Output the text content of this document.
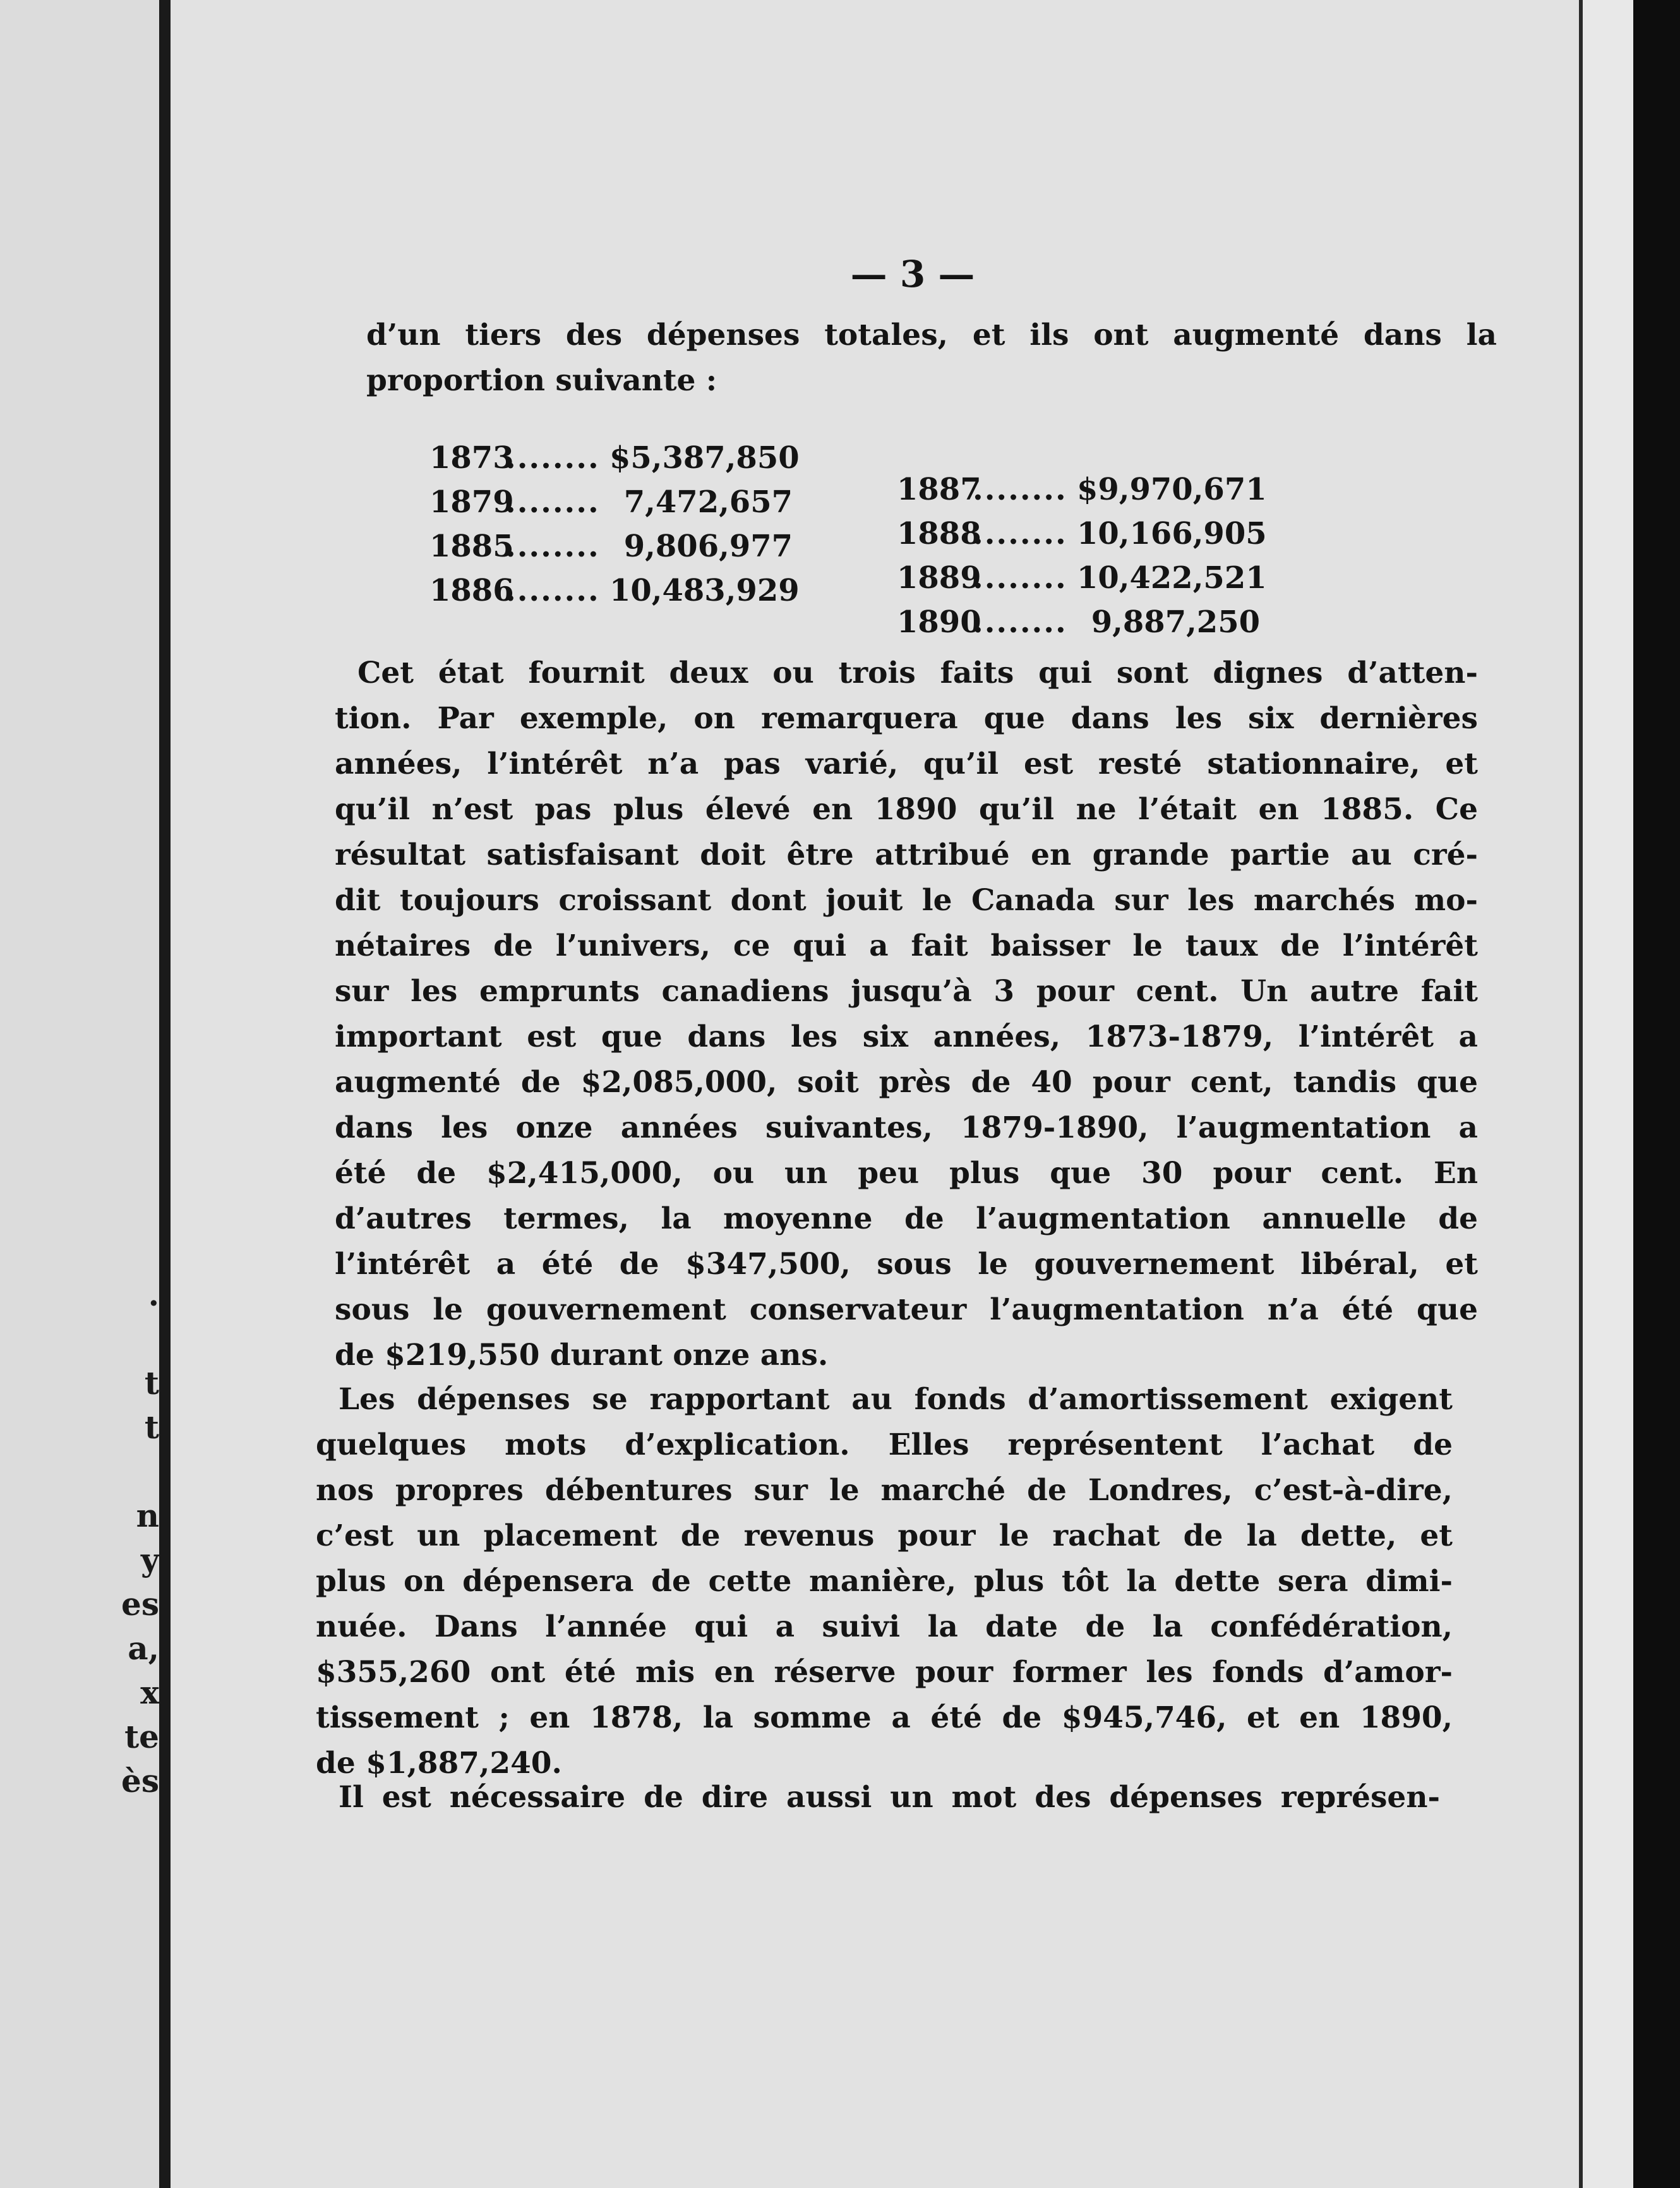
.
t
t
n
y
es
a,
x
te
ès
— 3 —
d’un tiers des dépenses totales, et ils ont augmenté dans la
proportion suivante :
1873........ $5,387,850
1879........ 7,472,657
1885........ 9,806,977
1886........ 10,483,929
1887........ $9,970,671
1888........ 10,166,905
1889........ 10,422,521
1890........ 9,887,250
Cet état fournit deux ou trois faits qui sont dignes d’atten-
tion. Par exemple, on remarquera que dans les six dernières
années, l’intérêt n’a pas varié, qu’il est resté stationnaire, et
qu’il n’est pas plus élevé en 1890 qu’il ne l’était en 1885. Ce
résultat satisfaisant doit être attribué en grande partie au cré-
dit toujours croissant dont jouit le Canada sur les marchés mo-
nétaires de l’univers, ce qui a fait baisser le taux de l’intérêt
sur les emprunts canadiens jusqu’à 3 pour cent. Un autre fait
important est que dans les six années, 1873-1879, l’intérêt a
augmenté de $2,085,000, soit près de 40 pour cent, tandis que
dans les onze années suivantes, 1879-1890, l’augmentation a
été de $2,415,000, ou un peu plus que 30 pour cent. En
d’autres termes, la moyenne de l’augmentation annuelle de
l’intérêt a été de $347,500, sous le gouvernement libéral, et
sous le gouvernement conservateur l’augmentation n’a été que
de $219,550 durant onze ans.
Les dépenses se rapportant au fonds d’amortissement exigent
quelques mots d’explication. Elles représentent l’achat de
nos propres débentures sur le marché de Londres, c’est-à-dire,
c’est un placement de revenus pour le rachat de la dette, et
plus on dépensera de cette manière, plus tôt la dette sera dimi-
nuée. Dans l’année qui a suivi la date de la confédération,
$355,260 ont été mis en réserve pour former les fonds d’amor-
tissement ; en 1878, la somme a été de $945,746, et en 1890,
de $1,887,240.
Il est nécessaire de dire aussi un mot des dépenses représen-
